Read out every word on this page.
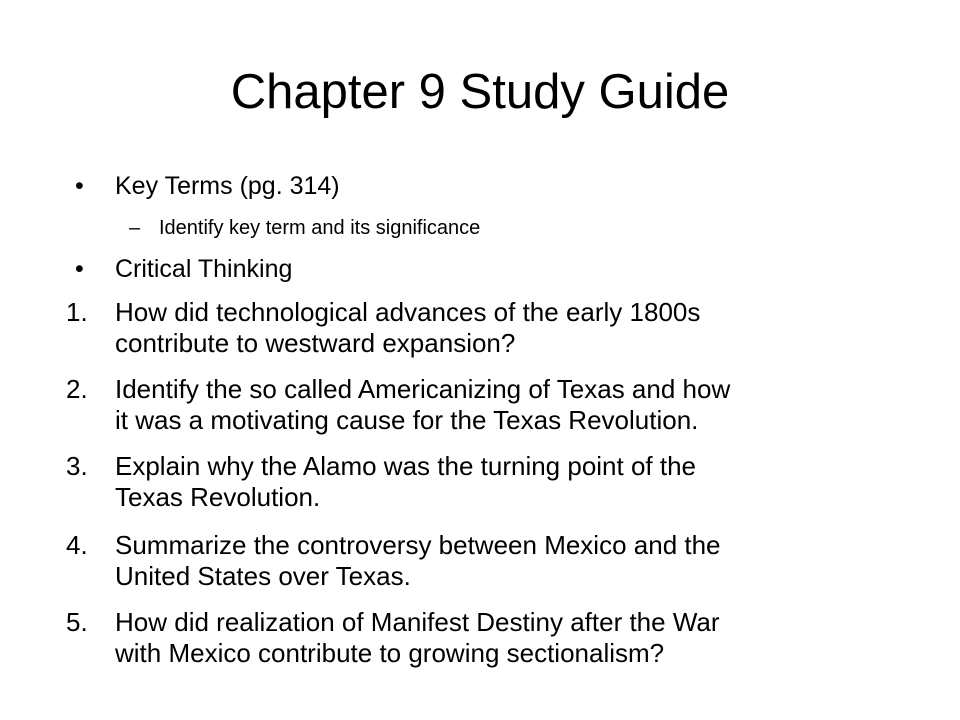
Chapter 9 Study Guide
• Key Terms (pg. 314)
– Identify key term and its significance
• Critical Thinking
1. How did technological advances of the early 1800s
contribute to westward expansion?
2. Identify the so called Americanizing of Texas and how
it was a motivating cause for the Texas Revolution.
3. Explain why the Alamo was the turning point of the
Texas Revolution.
4. Summarize the controversy between Mexico and the
United States over Texas.
5. How did realization of Manifest Destiny after the War
with Mexico contribute to growing sectionalism?
